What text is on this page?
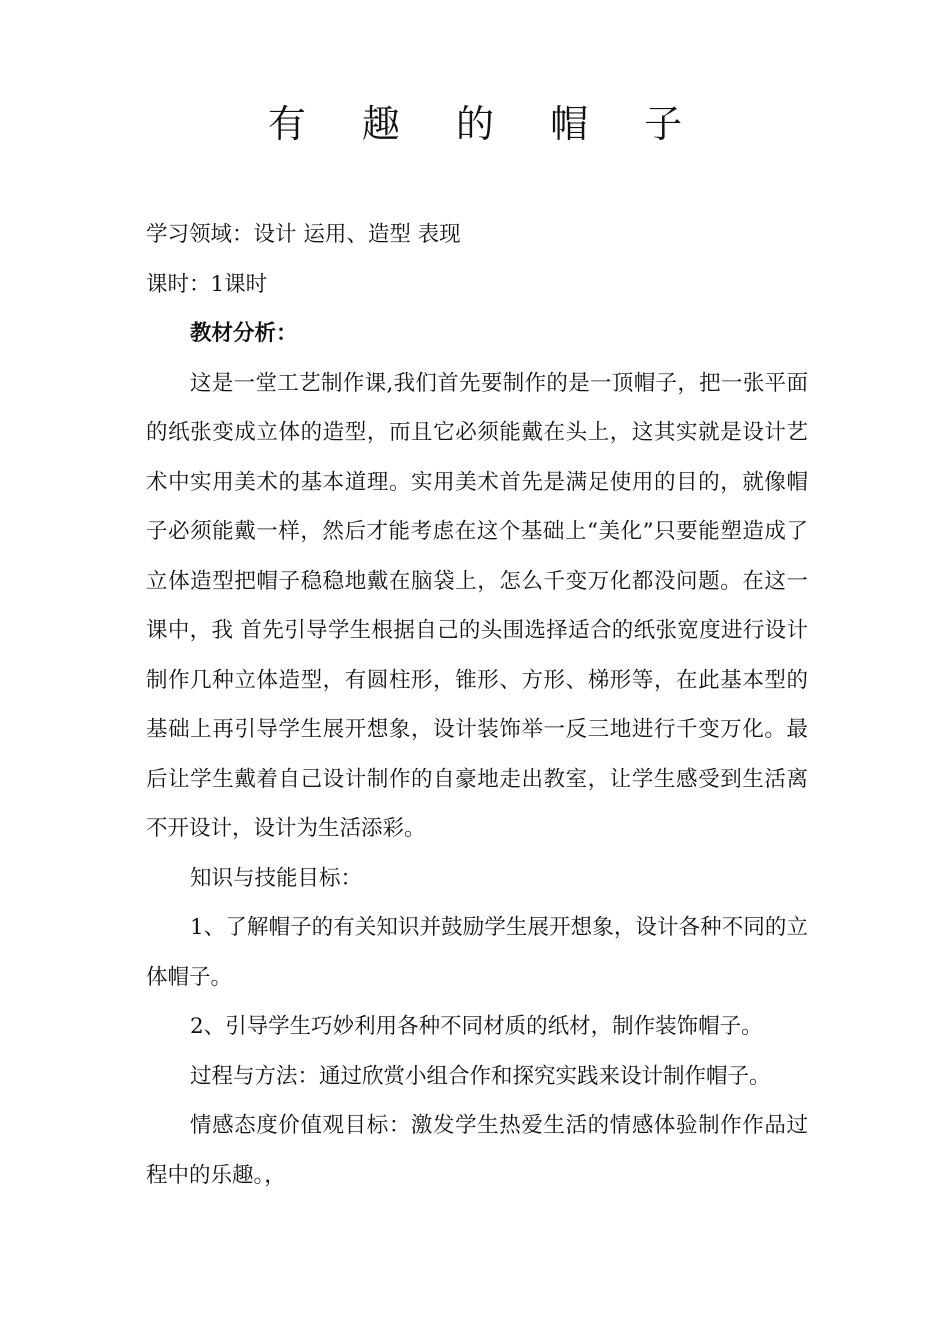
有 趣 的 帽 子

学习领域：设计 运用、造型 表现

课时：1课时

教材分析：

这是一堂工艺制作课,我们首先要制作的是一顶帽子，把一张平面的纸张变成立体的造型，而且它必须能戴在头上，这其实就是设计艺术中实用美术的基本道理。实用美术首先是满足使用的目的，就像帽子必须能戴一样，然后才能考虑在这个基础上“美化”只要能塑造成了立体造型把帽子稳稳地戴在脑袋上，怎么千变万化都没问题。在这一课中，我 首先引导学生根据自己的头围选择适合的纸张宽度进行设计制作几种立体造型，有圆柱形，锥形、方形、梯形等，在此基本型的基础上再引导学生展开想象，设计装饰举一反三地进行千变万化。最后让学生戴着自己设计制作的自豪地走出教室，让学生感受到生活离不开设计，设计为生活添彩。

知识与技能目标：

1、了解帽子的有关知识并鼓励学生展开想象，设计各种不同的立体帽子。

2、引导学生巧妙利用各种不同材质的纸材，制作装饰帽子。

过程与方法：通过欣赏小组合作和探究实践来设计制作帽子。

情感态度价值观目标：激发学生热爱生活的情感体验制作作品过程中的乐趣。，
